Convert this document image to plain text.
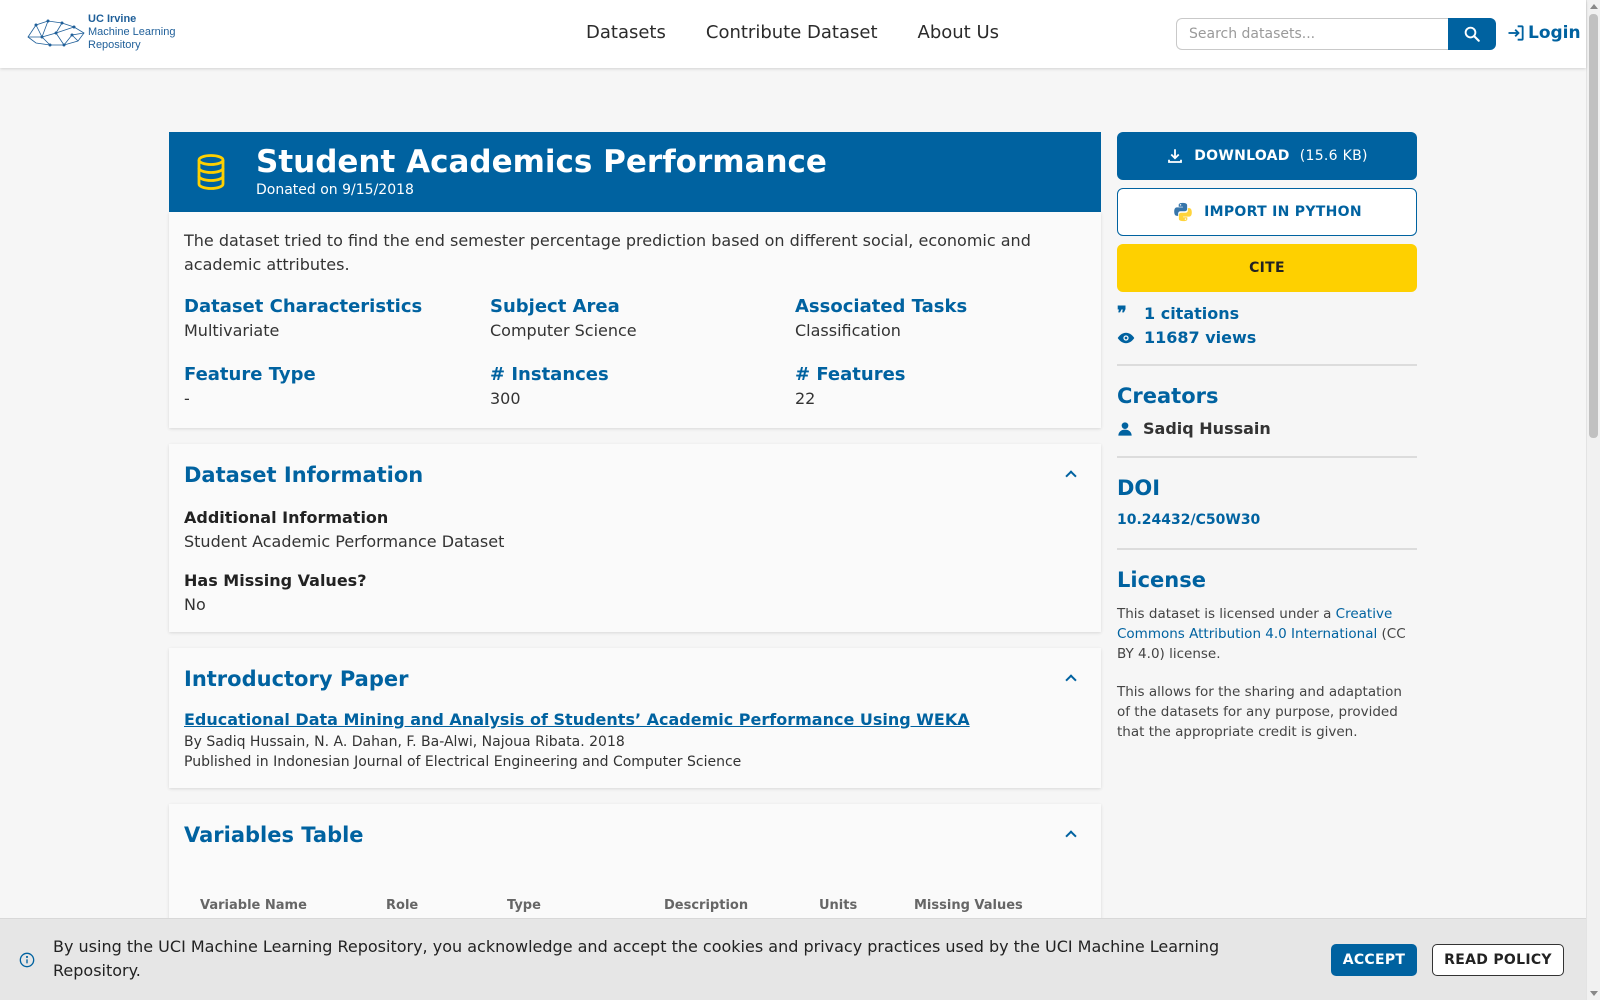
UC Irvine
Machine Learning
Repository
Datasets Contribute Dataset About Us
Search datasets...	Login
Student Academics Performance
Donated on 9/15/2018
The dataset tried to find the end semester percentage prediction based on different social, economic and academic attributes.
Dataset Characteristics
Multivariate
Subject Area
Computer Science
Associated Tasks
Classification
Feature Type
-
# Instances
300
# Features
22
Dataset Information
Additional Information
Student Academic Performance Dataset
Has Missing Values?
No
Introductory Paper
Educational Data Mining and Analysis of Students’ Academic Performance Using WEKA
By Sadiq Hussain, N. A. Dahan, F. Ba-Alwi, Najoua Ribata. 2018
Published in Indonesian Journal of Electrical Engineering and Computer Science
Variables Table
Variable Name	Role	Type	Description	Units	Missing Values
DOWNLOAD (15.6 KB)
IMPORT IN PYTHON
CITE
❞	1 citations
11687 views
Creators
Sadiq Hussain
DOI
10.24432/C50W30
License
This dataset is licensed under a Creative Commons Attribution 4.0 International (CC BY 4.0) license.
This allows for the sharing and adaptation of the datasets for any purpose, provided that the appropriate credit is given.
By using the UCI Machine Learning Repository, you acknowledge and accept the cookies and privacy practices used by the UCI Machine Learning Repository.
ACCEPT	READ POLICY
